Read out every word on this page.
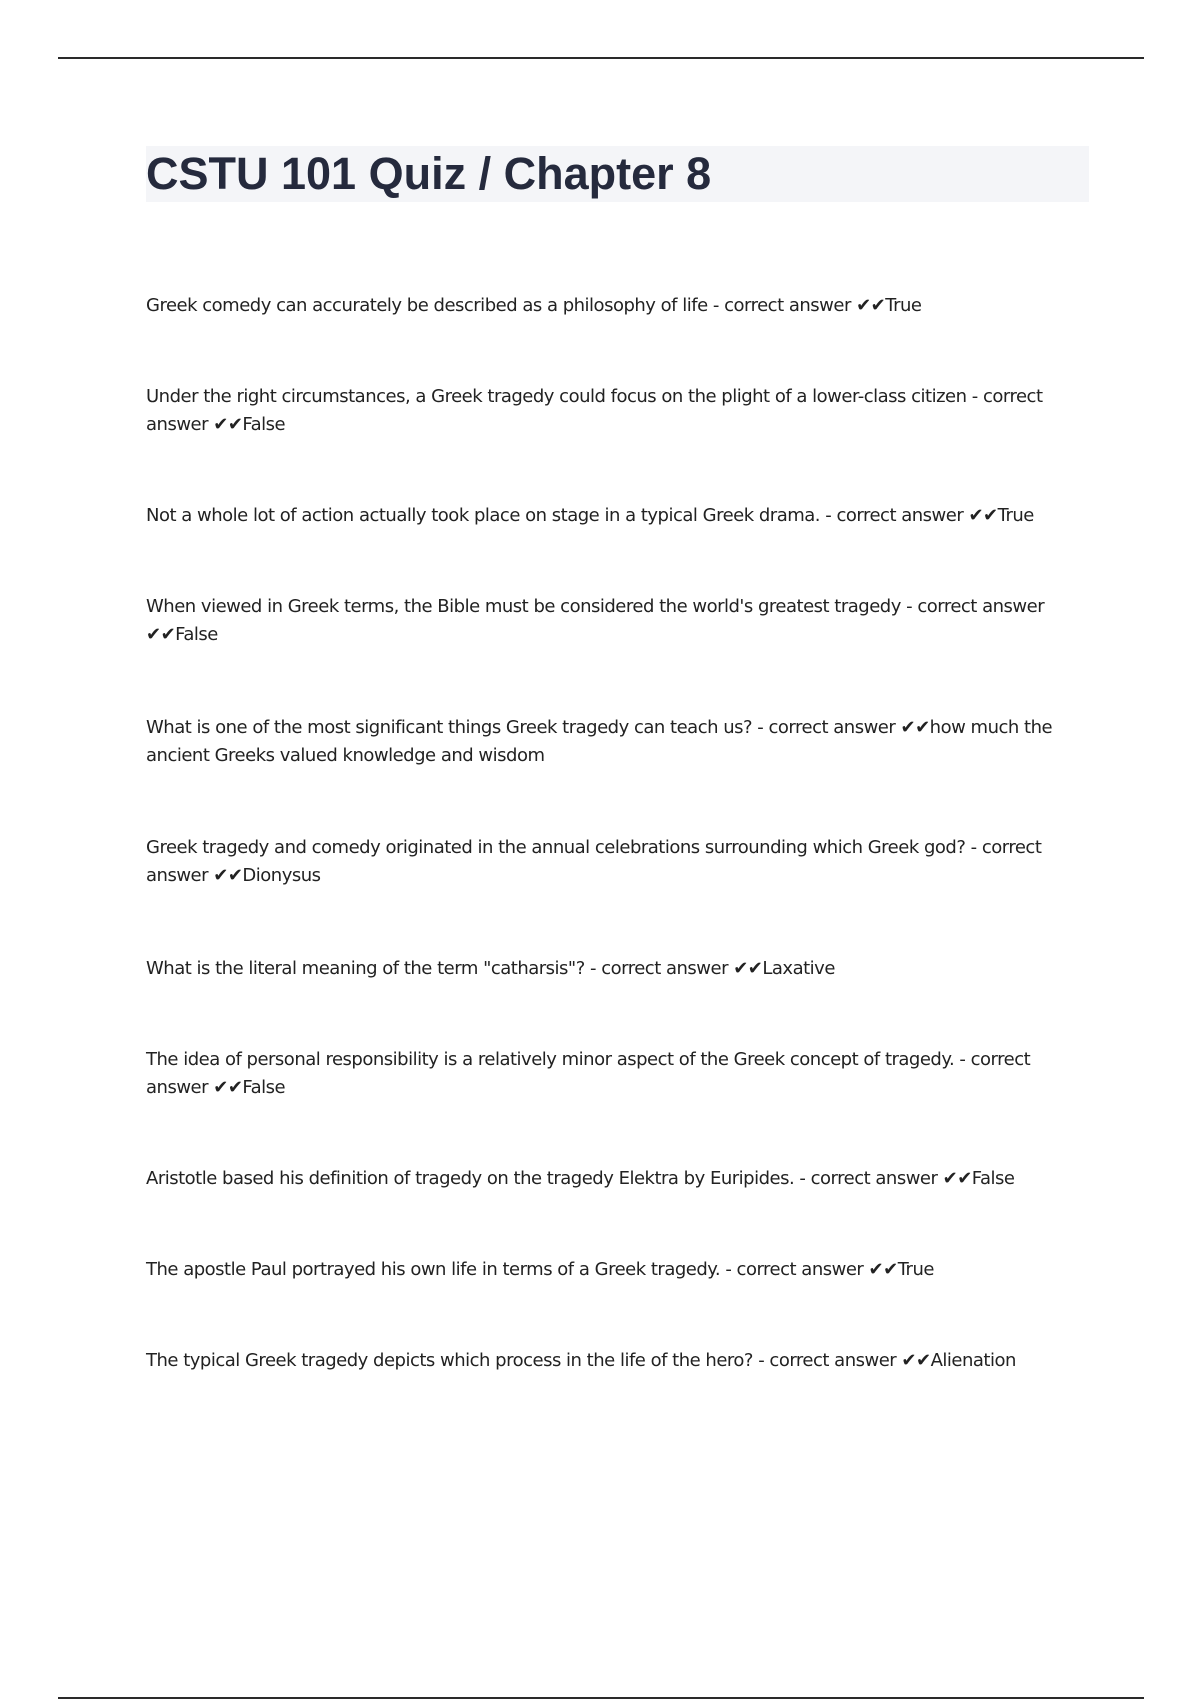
CSTU 101 Quiz / Chapter 8
Greek comedy can accurately be described as a philosophy of life - correct answer ✔✔True
Under the right circumstances, a Greek tragedy could focus on the plight of a lower-class citizen - correct answer ✔✔False
Not a whole lot of action actually took place on stage in a typical Greek drama. - correct answer ✔✔True
When viewed in Greek terms, the Bible must be considered the world's greatest tragedy - correct answer ✔✔False
What is one of the most significant things Greek tragedy can teach us? - correct answer ✔✔how much the ancient Greeks valued knowledge and wisdom
Greek tragedy and comedy originated in the annual celebrations surrounding which Greek god? - correct answer ✔✔Dionysus
What is the literal meaning of the term "catharsis"? - correct answer ✔✔Laxative
The idea of personal responsibility is a relatively minor aspect of the Greek concept of tragedy. - correct answer ✔✔False
Aristotle based his definition of tragedy on the tragedy Elektra by Euripides. - correct answer ✔✔False
The apostle Paul portrayed his own life in terms of a Greek tragedy. - correct answer ✔✔True
The typical Greek tragedy depicts which process in the life of the hero? - correct answer ✔✔Alienation
